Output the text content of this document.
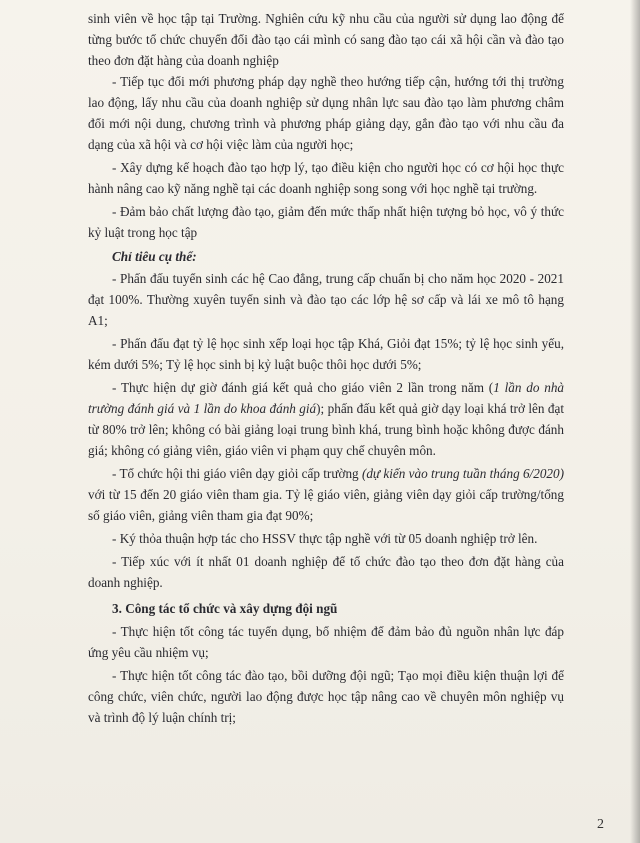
sinh viên về học tập tại Trường. Nghiên cứu kỹ nhu cầu của người sử dụng lao động để từng bước tổ chức chuyển đổi đào tạo cái mình có sang đào tạo cái xã hội cần và đào tạo theo đơn đặt hàng của doanh nghiệp

- Tiếp tục đổi mới phương pháp dạy nghề theo hướng tiếp cận, hướng tới thị trường lao động, lấy nhu cầu của doanh nghiệp sử dụng nhân lực sau đào tạo làm phương châm đổi mới nội dung, chương trình và phương pháp giảng dạy, gắn đào tạo với nhu cầu đa dạng của xã hội và cơ hội việc làm của người học;

- Xây dựng kế hoạch đào tạo hợp lý, tạo điều kiện cho người học có cơ hội học thực hành nâng cao kỹ năng nghề tại các doanh nghiệp song song với học nghề tại trường.

- Đảm bảo chất lượng đào tạo, giảm đến mức thấp nhất hiện tượng bỏ học, vô ý thức kỷ luật trong học tập

Chỉ tiêu cụ thể:

- Phấn đấu tuyển sinh các hệ Cao đẳng, trung cấp chuẩn bị cho năm học 2020 - 2021 đạt 100%. Thường xuyên tuyển sinh và đào tạo các lớp hệ sơ cấp và lái xe mô tô hạng A1;

- Phấn đấu đạt tỷ lệ học sinh xếp loại học tập Khá, Giỏi đạt 15%; tỷ lệ học sinh yếu, kém dưới 5%; Tỷ lệ học sinh bị kỷ luật buộc thôi học dưới 5%;

- Thực hiện dự giờ đánh giá kết quả cho giáo viên 2 lần trong năm (1 lần do nhà trường đánh giá và 1 lần do khoa đánh giá); phấn đấu kết quả giờ dạy loại khá trở lên đạt từ 80% trở lên; không có bài giảng loại trung bình khá, trung bình hoặc không được đánh giá; không có giảng viên, giáo viên vi phạm quy chế chuyên môn.

- Tổ chức hội thi giáo viên dạy giỏi cấp trường (dự kiến vào trung tuần tháng 6/2020) với từ 15 đến 20 giáo viên tham gia. Tỷ lệ giáo viên, giảng viên dạy giỏi cấp trường/tổng số giáo viên, giảng viên tham gia đạt 90%;

- Ký thỏa thuận hợp tác cho HSSV thực tập nghề với từ 05 doanh nghiệp trở lên.

- Tiếp xúc với ít nhất 01 doanh nghiệp để tổ chức đào tạo theo đơn đặt hàng của doanh nghiệp.

3. Công tác tổ chức và xây dựng đội ngũ

- Thực hiện tốt công tác tuyển dụng, bổ nhiệm để đảm bảo đủ nguồn nhân lực đáp ứng yêu cầu nhiệm vụ;

- Thực hiện tốt công tác đào tạo, bồi dưỡng đội ngũ; Tạo mọi điều kiện thuận lợi để công chức, viên chức, người lao động được học tập nâng cao về chuyên môn nghiệp vụ và trình độ lý luận chính trị;

2
